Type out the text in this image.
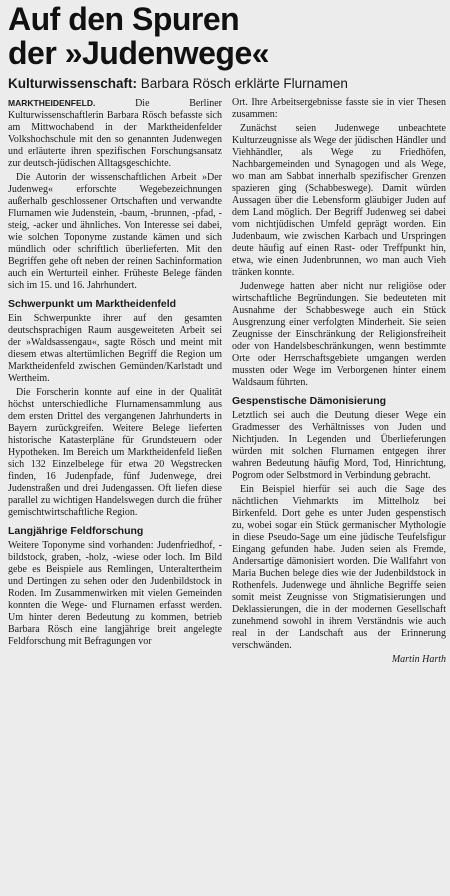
Auf den Spuren
der »Judenwege«
Kulturwissenschaft: Barbara Rösch erklärte Flurnamen

MARKTHEIDENFELD.	Die Berliner Kulturwissenschaftlerin Barbara Rösch befasste sich am Mittwochabend in der Marktheidenfelder Volkshochschule mit den so genannten Judenwegen und erläuterte ihren spezifischen Forschungsansatz zur deutsch-jüdischen Alltagsgeschichte.

Die Autorin der wissenschaftlichen Arbeit »Der Judenweg« erforschte Wegebezeichnungen außerhalb geschlossener Ortschaften und verwandte Flurnamen wie Judenstein, -baum, -brunnen, -pfad, -steig, -acker und ähnliches. Von Interesse sei dabei, wie solchen Toponyme zustande kämen und sich mündlich oder schriftlich überlieferten. Mit den Begriffen gehe oft neben der reinen Sachinformation auch ein Werturteil einher. Früheste Belege fänden sich im 15. und 16. Jahrhundert.

Schwerpunkt um Marktheidenfeld

Ein Schwerpunkte ihrer auf den gesamten deutschsprachigen Raum ausgeweiteten Arbeit sei der »Waldsassengau«, sagte Rösch und meint mit diesem etwas altertümlichen Begriff die Region um Marktheidenfeld zwischen Gemünden/Karlstadt und Wertheim.

Die Forscherin konnte auf eine in der Qualität höchst unterschiedliche Flurnamensammlung aus dem ersten Drittel des vergangenen Jahrhunderts in Bayern zurückgreifen. Weitere Belege lieferten historische Katasterpläne für Grundsteuern oder Hypotheken. Im Bereich um Marktheidenfeld ließen sich 132 Einzelbelege für etwa 20 Wegstrecken finden, 16 Judenpfade, fünf Judenwege, drei Judenstraßen und drei Judengassen. Oft liefen diese parallel zu wichtigen Handelswegen durch die früher gemischtwirtschaftliche Region.

Langjährige Feldforschung

Weitere Toponyme sind vorhanden: Judenfriedhof, -bildstock, graben, -holz, -wiese oder loch. Im Bild gebe es Beispiele aus Remlingen, Unteraltertheim und Dertingen zu sehen oder den Judenbildstock in Roden. Im Zusammenwirken mit vielen Gemeinden konnten die Wege- und Flurnamen erfasst werden. Um hinter deren Bedeutung zu kommen, betrieb Barbara Rösch eine langjährige breit angelegte Feldforschung mit Befragungen vor

Ort. Ihre Arbeitsergebnisse fasste sie in vier Thesen zusammen:

Zunächst seien Judenwege unbeachtete Kulturzeugnisse als Wege der jüdischen Händler und Viehhändler, als Wege zu Friedhöfen, Nachbargemeinden und Synagogen und als Wege, wo man am Sabbat innerhalb spezifischer Grenzen spazieren ging (Schabbeswege). Damit würden Aussagen über die Lebensform gläubiger Juden auf dem Land möglich. Der Begriff Judenweg sei dabei vom nichtjüdischen Umfeld geprägt worden. Ein Judenbaum, wie zwischen Karbach und Urspringen deute häufig auf einen Rast- oder Treffpunkt hin, etwa, wie einen Judenbrunnen, wo man auch Vieh tränken konnte.

Judenwege hatten aber nicht nur religiöse oder wirtschaftliche Begründungen. Sie bedeuteten mit Ausnahme der Schabbeswege auch ein Stück Ausgrenzung einer verfolgten Minderheit. Sie seien Zeugnisse der Einschränkung der Religionsfreiheit oder von Handelsbeschränkungen, wenn bestimmte Orte oder Herrschaftsgebiete umgangen werden mussten oder Wege im Verborgenen hinter einem Waldsaum führten.

Gespenstische Dämonisierung

Letztlich sei auch die Deutung dieser Wege ein Gradmesser des Verhältnisses von Juden und Nichtjuden. In Legenden und Überlieferungen würden mit solchen Flurnamen entgegen ihrer wahren Bedeutung häufig Mord, Tod, Hinrichtung, Pogrom oder Selbstmord in Verbindung gebracht.

Ein Beispiel hierfür sei auch die Sage des nächtlichen Viehmarkts im Mittelholz bei Birkenfeld. Dort gehe es unter Juden gespenstisch zu, wobei sogar ein Stück germanischer Mythologie in diese Pseudo-Sage um eine jüdische Teufelsfigur Eingang gefunden habe. Juden seien als Fremde, Andersartige dämonisiert worden. Die Wallfahrt von Maria Buchen belege dies wie der Judenbildstock in Rothenfels. Judenwege und ähnliche Begriffe seien somit meist Zeugnisse von Stigmatisierungen und Deklassierungen, die in der modernen Gesellschaft zunehmend sowohl in ihrem Verständnis wie auch real in der Landschaft aus der Erinnerung verschwänden.

Martin Harth
